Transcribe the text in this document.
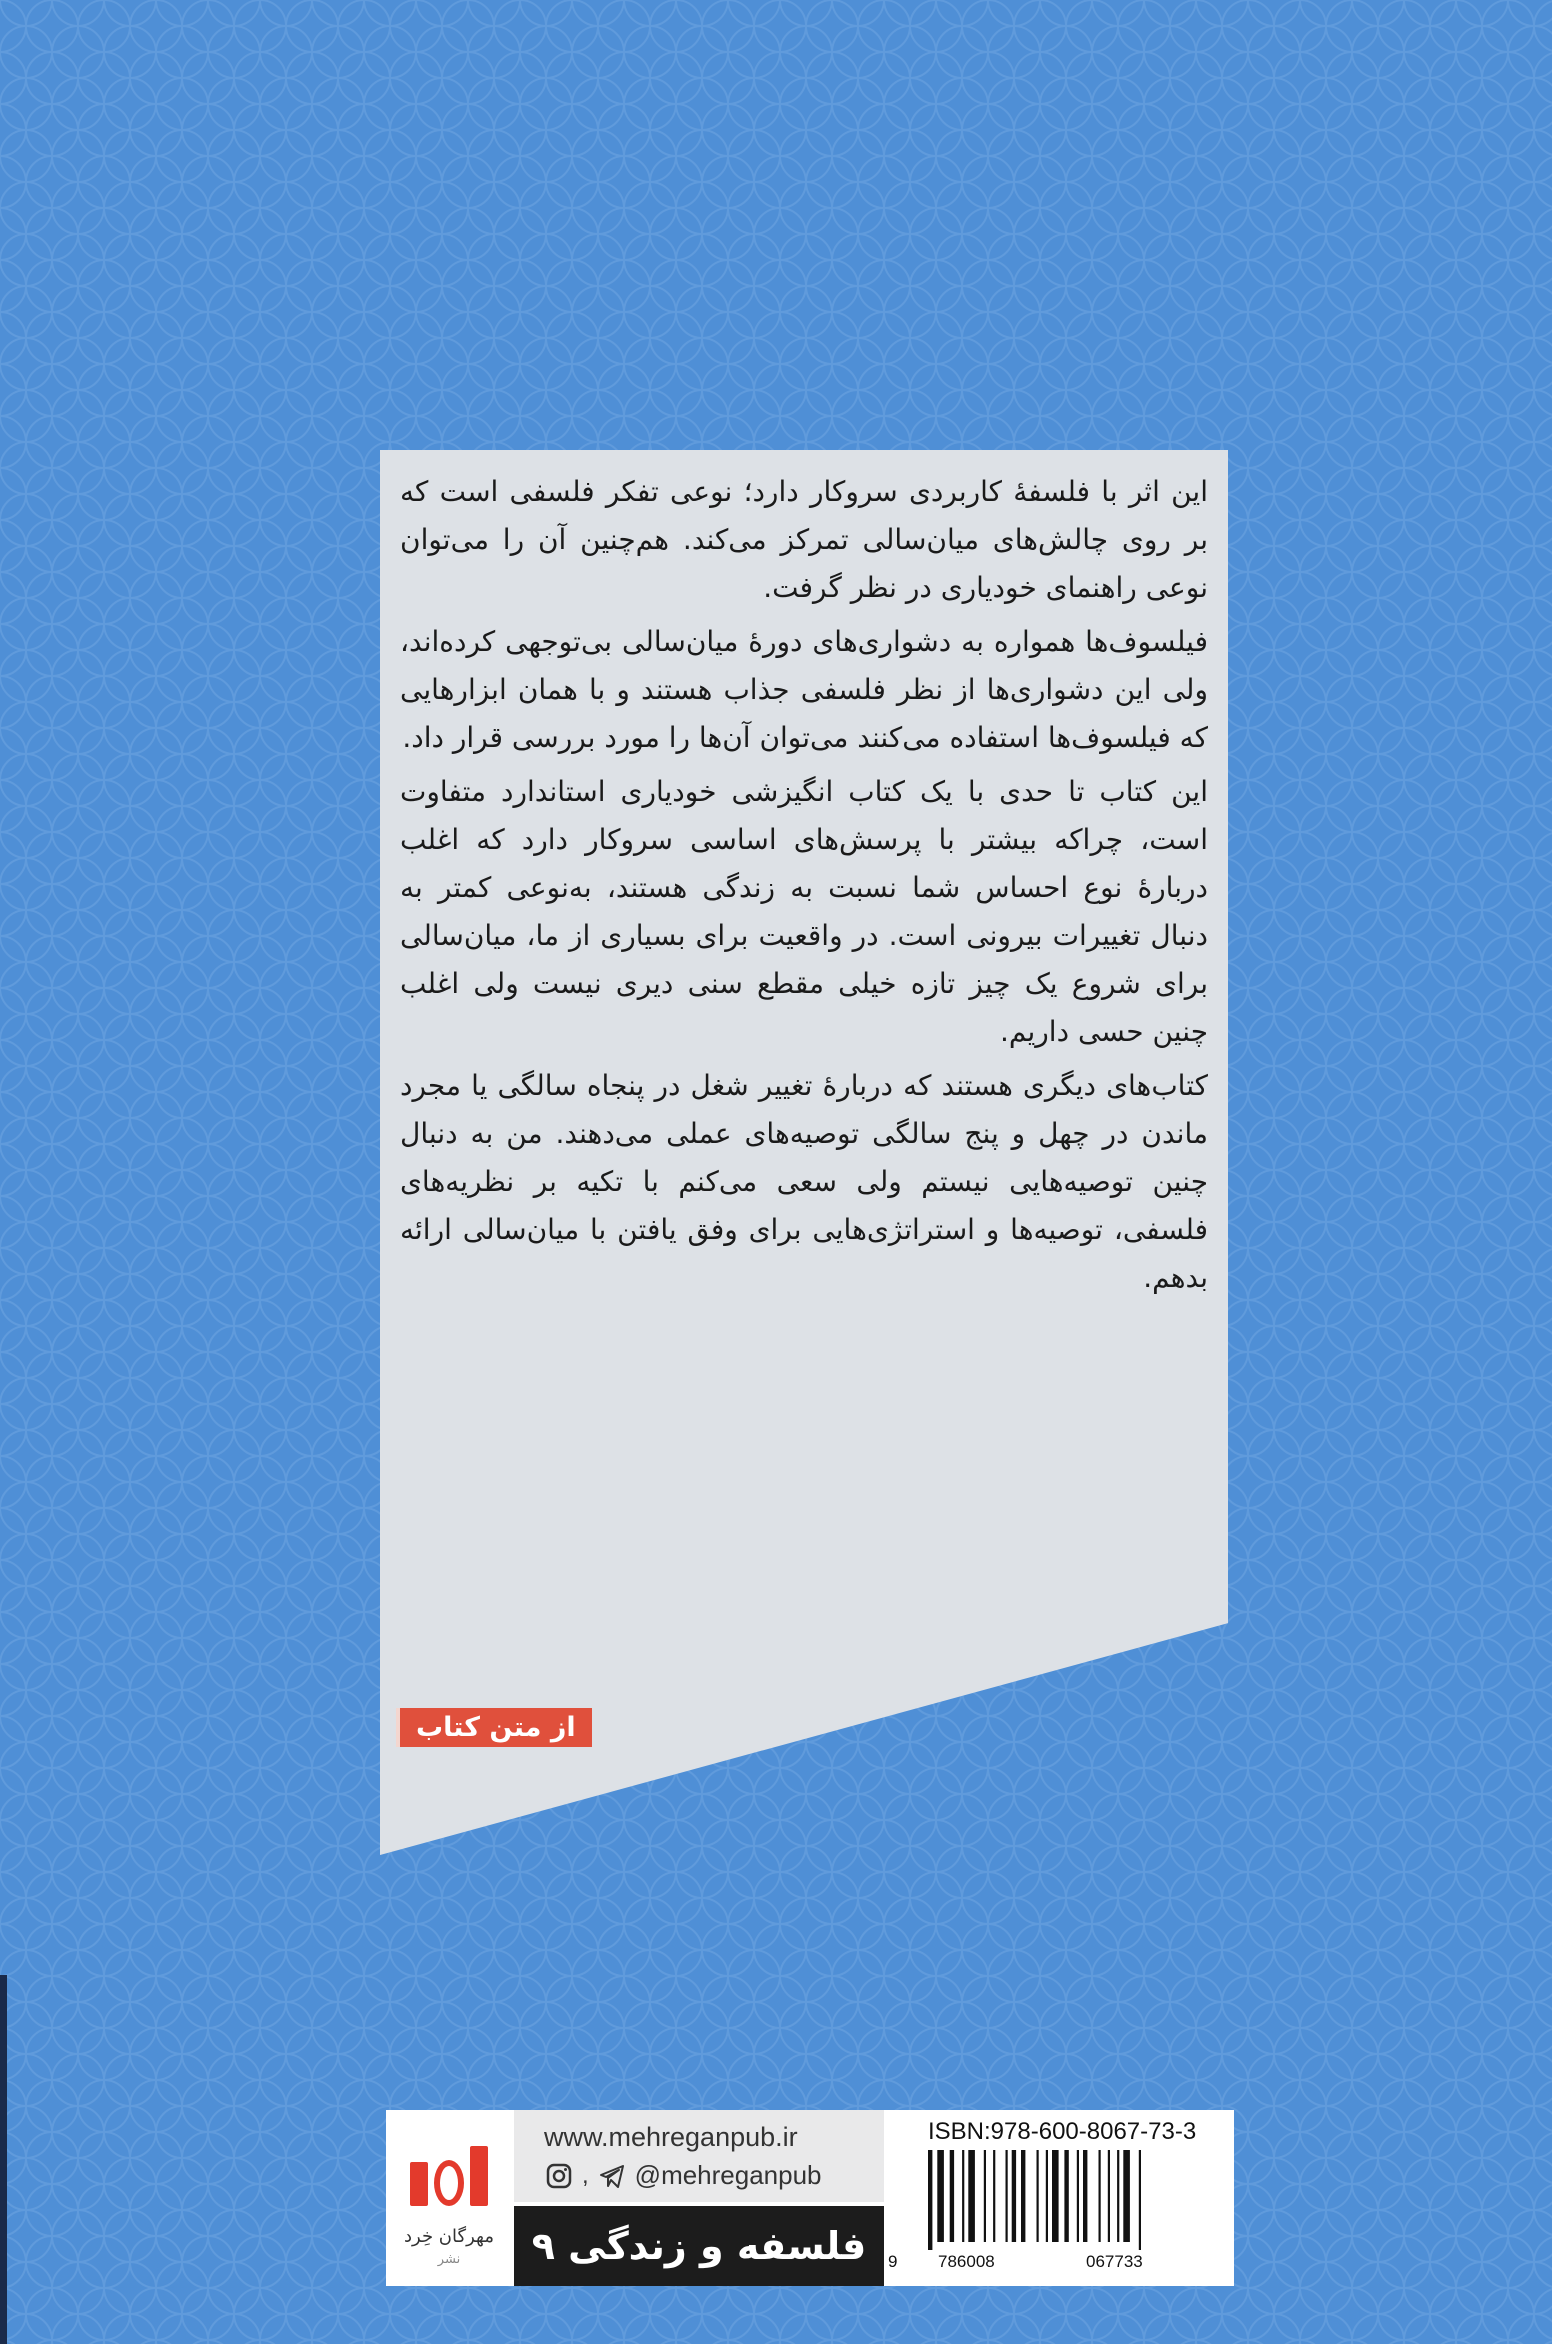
این اثر با فلسفهٔ کاربردی سروکار دارد؛ نوعی تفکر فلسفی است که بر روی چالش‌های میان‌سالی تمرکز می‌کند. هم‌چنین آن را می‌توان نوعی راهنمای خودیاری در نظر گرفت.

فیلسوف‌ها همواره به دشواری‌های دورهٔ میان‌سالی بی‌توجهی کرده‌اند، ولی این دشواری‌ها از نظر فلسفی جذاب هستند و با همان ابزارهایی که فیلسوف‌ها استفاده می‌کنند می‌توان آن‌ها را مورد بررسی قرار داد.

این کتاب تا حدی با یک کتاب انگیزشی خودیاری استاندارد متفاوت است، چراکه بیشتر با پرسش‌های اساسی سروکار دارد که اغلب دربارهٔ نوع احساس شما نسبت به زندگی هستند، به‌نوعی کمتر به دنبال تغییرات بیرونی است. در واقعیت برای بسیاری از ما، میان‌سالی برای شروع یک چیز تازه خیلی مقطع سنی دیری نیست ولی اغلب چنین حسی داریم.

کتاب‌های دیگری هستند که دربارهٔ تغییر شغل در پنجاه سالگی یا مجرد ماندن در چهل و پنج سالگی توصیه‌های عملی می‌دهند. من به دنبال چنین توصیه‌هایی نیستم ولی سعی می‌کنم با تکیه بر نظریه‌های فلسفی، توصیه‌ها و استراتژی‌هایی برای وفق یافتن با میان‌سالی ارائه بدهم.

از متن کتاب
مهرگان خِرد
نشر
www.mehreganpub.ir
, @mehreganpub
فلسفه و زندگی ۹
ISBN:978-600-8067-73-3
9 786008	067733
